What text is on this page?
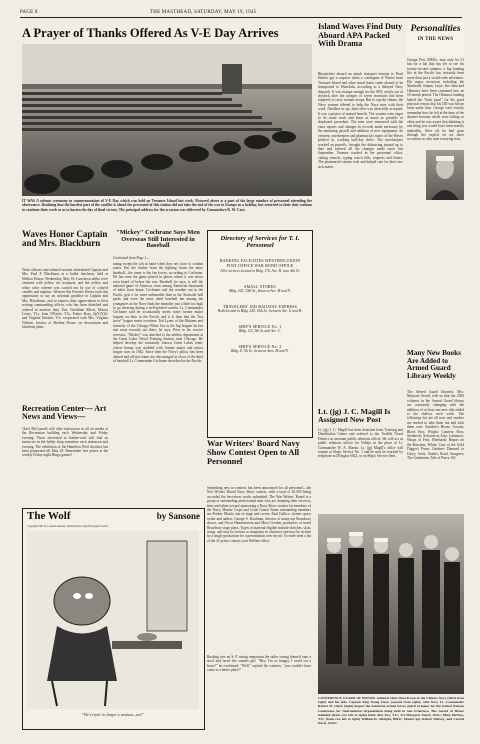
PAGE 8	THE MASTHEAD, SATURDAY, MAY 19, 1945
A Prayer of Thanks Offered As V-E Day Arrives
IT WAS A solemn ceremony in commemoration of V-E Day which was held on Treasure Island last week. Pictured above is a part of the large number of personnel attending the observance. Realizing that the hardest part of the conflict is ahead the personnel of this station did not take the end of the war in Europe as a holiday, but returned to their duty stations to continue their work so as to hasten the day of final victory. The principal address for the occasion was delivered by Commodore R. W. Cary.
Waves Honor Captain and Mrs. Blackburn
Wave officers and enlisted women entertained Captain and Mrs. Paul P. Blackburn at a buffet luncheon, held at Shelton House, Wednesday, May 16. Luncheon tables were centered with yellow iris bouquets, and the yellow and white color scheme was carried out by use of colored candles and napkins. Western Sea Frontier Waves took this opportunity to say an informal goodbye to Captain and Mrs. Blackburn, and to express their appreciation to their retiring commanding officer, who has been detached and ordered to inactive duty. Ens. Geraldine Albert, Marcia Lewis, Y1c, Jean O'Keefe, Y3c, Esther Ross, SpY(X)3c and Virginia Dachter, Y1c cooperated with Mrs. Virginia Nielsen, hostess of Shelton House, on decorations and luncheon plans.
Recreation Center— Art News and Views—
Chief McConnell will offer instruction in all art media at the Recreation building each Wednesday and Friday evening. Those interested in leather-craft will find an instructor in the hobby shop sometime each afternoon and evening. The exhibition of the Hamilton Wolf sketches has been postponed till May 28. Remember free prizes at the weekly Friday night Bingo games!
"Mickey" Cochrane Says Men Overseas Still Interested in Baseball
Continued from Page 1—
rating except the job at hand when they are close to combat zones. But the further from the fighting fronts the more baseball—the same to the fan forces, according to Cochrane. He has seen the game played in places where it was never even heard of before the war. Baseball, he says, is still the national game of America, even among American thousands of miles from home. Cochrane said the weather out in the Pacific gets a lot more unbearable than in the Stateside ball parks and even the most rabid baseball fan among the youngsters in the Navy finds the humidity just a little too high to go cheering during a well-pitched contest. Lt. Commander Cochrane said he occasionally meets some former major leaguer on duty in the Pacific and it is then that the "hot stove" league meets overtime. Ted Lyons of the Marines and formerly of the Chicago White Sox is the big leaguer he has met most recently out there, he says. Prior to his service overseas, "Mickey" was attached to the athletic department at the Great Lakes Naval Training Station, near Chicago. He helped develop the nationally known Great Lakes team, whose lineup was studded with former major and minor league stars in 1942. Since then the Navy's policy has been altered and all-star teams are discouraged in favor of the kind of baseball Lt. Commander Cochrane described in the Pacific.
Directory of Services for T. I. Personnel
BANKING FACILITIES WESTERN UNION POST OFFICE WAR BOND OFFICE
All a services located in Bldg. 176, Ave. H, near 4th St.
SMALL STORES
Bldg. 225, 10th St., between Ave. M and N.
TRAVELERS' AID RAILWAY EXPRESS
Both located in Bldg. 240, 10th St., between Ave. G and H.
SHIP'S SERVICE No. 1
Bldg. 112, 9th St. and Ave. C.
SHIP'S SERVICE No. 2
Bldg. 8, 7th St., between Aves. M and N.
War Writers' Board Navy Show Contest Open to All Personnel
Something new in contests has been announced for all personnel—the War Writers' Board Navy Show contest, with a total of $1,000 being accorded the best-show works submitted. The War Writers' Board is a group of outstanding professional men who are donating their services, time and talent toward sponsoring a Navy Show contest for members of the Navy, Marine Corps and Coast Guard. Some outstanding members are Fredric March, star of stage and screen; Paul Gallico, former sports writer and author; George S. Kaufman, director of many top Broadway shows, and Oscar Hammerstein and Moss Gordon, producers of noted Broadway stage plays. Types of material eligible include sketches, skits, songs, and may be serious or imaginary in character and may be written by a single production for a presentation over the air. To enter send a list of the 41 prizes contact your Welfare office.
The Wolf	by Sansone
Copyright 1945 by Leonard Sansone, distributed by Camp Newspaper Service
"He's tryin' to forget a woman—no!"
Rushing into an S. F. eating emporium the sailor swung himself onto a stool and faced the counter girl. "Hey, I'm so hungry I could eat a horse!" he exclaimed. "Well," replied the waitress, "you couldn't have come to a better place!"
Island Waves Find Duty Aboard APA Packed With Drama
Bluejackets aboard an attack transport enroute to Pearl Harbor got a surprise when a contingent of Waves from Treasure Island and other naval bases came aboard to be transported to Honolulu, according to a delayed Navy dispatch. It was strange enough for the APA, newly out of drydock after the ravages of seven invasions had been repaired, to carry women troops. But to cap the climax, the Navy women offered to help the Navy men with their work. Needless to say, their offer was cheerfully accepted. It was a project of mutual benefit. The women were eager to do some work and learn as much as possible of shipboard procedure. The men were entranced with the extra reports and changes in records made necessary by the mounting payroll and addition of new equipment. So yeomen, storekeepers and pharmacist's mates of the Waves pitched in, working half-day shifts. The storekeepers worked on payrolls, brought the disbursing journal up to date and entered all the changes made since last September. Yeomen worked in the personnel office, cutting stencils, typing watch bills, requests and letters. The pharmacist's mates took and helped care for their sea-sick mates.
Lt. (jg) J. C. Magill Is Assigned New Post
Lt. (jg) J. C. Magill has been detached from Training and Distribution Center and ordered to the Twelfth Naval District as assistant public relations officer. He will act as public relations officer for Vallejo in the place of Lt. Commander W. A. Martin. Lt. (jg) Magill's office will remain at Ship's Service No. 1 and he may be reached by telephone at DOuglas 6022, or on Ship's Service lines.
Personalities
IN THE NEWS
George Pert, MM3c, may only be 21 but for a lad that has yet to see his twenty-second summer, a Jap hunting life in the Pacific has certainly been more than just a world-wide adventure. His major invasions including the Marshalls, Saipan, Leyte, Iwo Jima and Okinawa have been crammed into an 18 month period. The Okinawa landing bailed the "hash pearl" for the good physical reason that his DD was blown from under him. George can't exactly remember how he felt at the time of the disaster because shells were falling so often and he was aware that thinking is one thing you would have been merely unhealthy. After all, he had gone through the exploit on six other occasions so why start worrying now.
Many New Books Are Added to Armed Guard Library Weekly
The Armed Guard libraries, Mrs. Marjorie Arend, tells us that the 2500 volumes in the Armed Guard library are constantly changing with the addition of at least one new title added to the shelves each week. The following list are all new and readers are invited to take them out and look them over: Another's House, Gowan; Black Boy, Wright; Cannery Row, Steinbeck; Solution in Asia, Lattimore; Wings of Fear, Eberhardt; Report on the Russians, White; Case of the Gold Digger's Purse, Gardner; Damned to Glory, Scott; Stalin's Road, Songster; The Gentlemen Tale of Peace, Elf.
CONFERENCE GUARD OF HONOR. Admiral Chen Shao-Kwan of the Chinese Navy (third from right) and his aide, Captain Ying Tsung Chow (second from right), with Navy Lt. Commander Robert H. Clark (right) inspect the American armed forces guard of honor for the United Nations Conference for International Organization being held in San Francisco. The Guard of Honor included (front row left to right) Ruth Alex Fox, Y1c; T-5 Margaret Nusch, WAC; Ellen McNess, Y3c; (back row left to right) William H. Albright, BM1c; Master Sgt. Robert Mulvey; and Carroll Davis, GM1c.
